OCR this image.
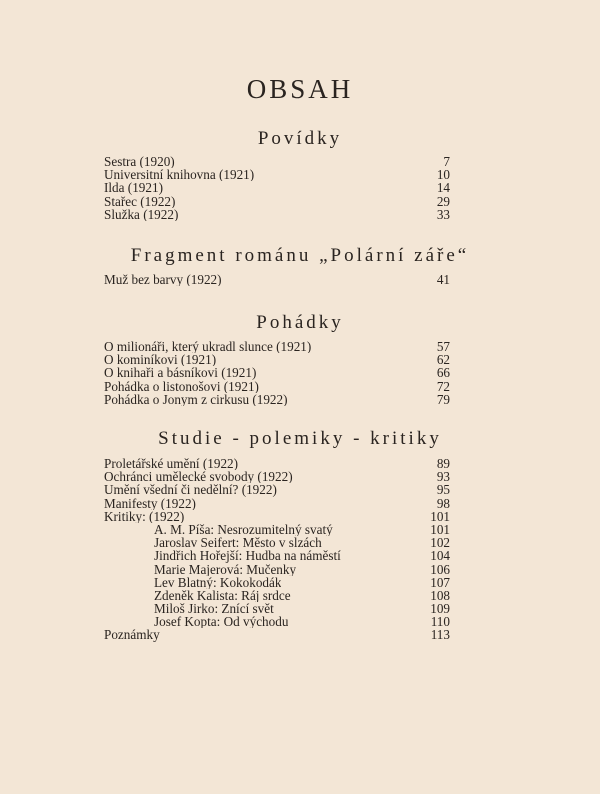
OBSAH
Povídky
Sestra (1920)	7
Universitní knihovna (1921)	10
Ilda (1921)	14
Stařec (1922)	29
Služka (1922)	33
Fragment románu „Polární záře“
Muž bez barvy (1922)	41
Pohádky
O milionáři, který ukradl slunce (1921)	57
O kominíkovi (1921)	62
O knihaři a básníkovi (1921)	66
Pohádka o listonošovi (1921)	72
Pohádka o Jonym z cirkusu (1922)	79
Studie - polemiky - kritiky
Proletářské umění (1922)	89
Ochránci umělecké svobody (1922)	93
Umění všední či nedělní? (1922)	95
Manifesty (1922)	98
Kritiky: (1922)	101
A. M. Píša: Nesrozumitelný svatý	101
Jaroslav Seifert: Město v slzách	102
Jindřich Hořejší: Hudba na náměstí	104
Marie Majerová: Mučenky	106
Lev Blatný: Kokokodák	107
Zdeněk Kalista: Ráj srdce	108
Miloš Jirko: Znící svět	109
Josef Kopta: Od východu	110
Poznámky	113
